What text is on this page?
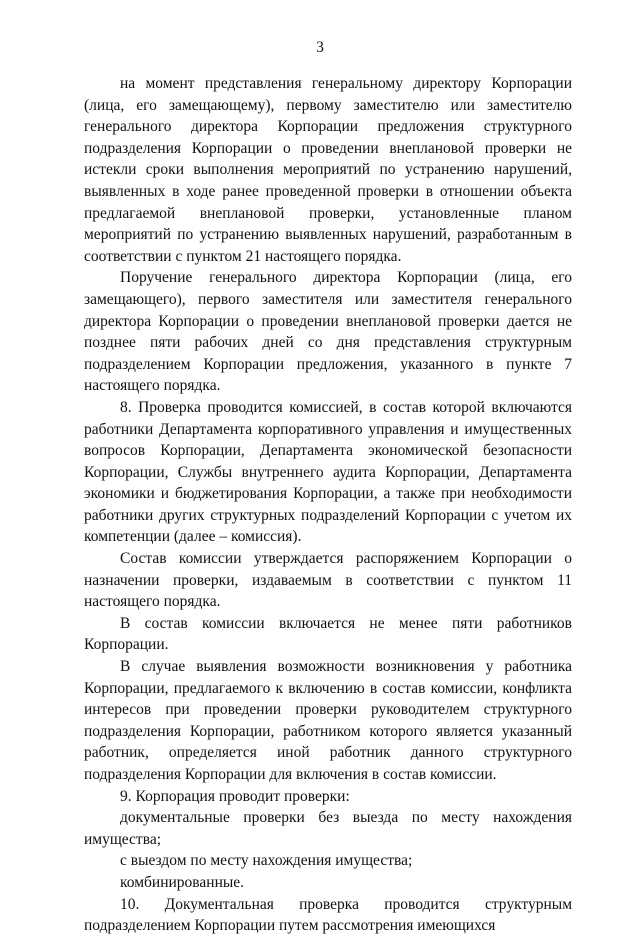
3

на момент представления генеральному директору Корпорации (лица, его замещающему), первому заместителю или заместителю генерального директора Корпорации предложения структурного подразделения Корпорации о проведении внеплановой проверки не истекли сроки выполнения мероприятий по устранению нарушений, выявленных в ходе ранее проведенной проверки в отношении объекта предлагаемой внеплановой проверки, установленные планом мероприятий по устранению выявленных нарушений, разработанным в соответствии с пунктом 21 настоящего порядка.

Поручение генерального директора Корпорации (лица, его замещающего), первого заместителя или заместителя генерального директора Корпорации о проведении внеплановой проверки дается не позднее пяти рабочих дней со дня представления структурным подразделением Корпорации предложения, указанного в пункте 7 настоящего порядка.

8. Проверка проводится комиссией, в состав которой включаются работники Департамента корпоративного управления и имущественных вопросов Корпорации, Департамента экономической безопасности Корпорации, Службы внутреннего аудита Корпорации, Департамента экономики и бюджетирования Корпорации, а также при необходимости работники других структурных подразделений Корпорации с учетом их компетенции (далее – комиссия).

Состав комиссии утверждается распоряжением Корпорации о назначении проверки, издаваемым в соответствии с пунктом 11 настоящего порядка.

В состав комиссии включается не менее пяти работников Корпорации.

В случае выявления возможности возникновения у работника Корпорации, предлагаемого к включению в состав комиссии, конфликта интересов при проведении проверки руководителем структурного подразделения Корпорации, работником которого является указанный работник, определяется иной работник данного структурного подразделения Корпорации для включения в состав комиссии.

9. Корпорация проводит проверки:

документальные проверки без выезда по месту нахождения имущества;

с выездом по месту нахождения имущества;

комбинированные.

10. Документальная проверка проводится структурным подразделением Корпорации путем рассмотрения имеющихся
